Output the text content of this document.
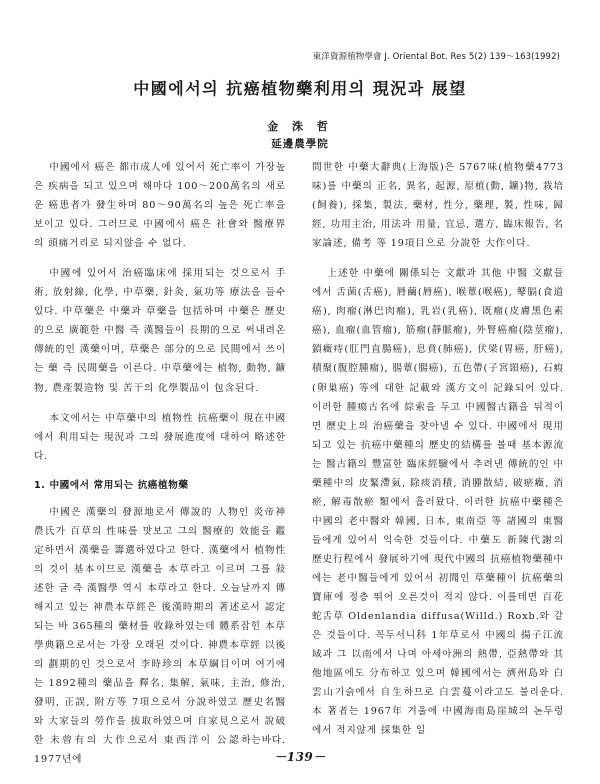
東洋資源植物學會 J. Oriental Bot. Res 5(2) 139～163(1992)
中國에서의 抗癌植物藥利用의 現況과 展望
金 洙 哲
延邊農學院

中國에서 癌은 都市成人에 있어서 死亡率이 가장높은 疾病을 되고 있으며 해마다 100～200萬名의 새로운 癌患者가 發生하며 80～90萬名의 높은 死亡率을 보이고 있다. 그러므로 中國에서 癌은 社會와 醫療界의 頭痛거리로 되지않을 수 없다.

中國에 있어서 治癌臨床에 採用되는 것으로서 手術, 放射線, 化學, 中草藥, 針灸, 氣功等 療法을 들수 있다. 中草藥은 中藥과 草藥을 包括하며 中藥은 歷史的으로 廣範한 中醫 즉 漢醫들이 長期的으로 써내려온 傳統的인 漢藥이며, 草藥은 部分的으로 民間에서 쓰이는 藥 즉 民間藥을 이른다. 中草藥에는 植物, 動物, 鑛物, 農產製造物 및 苦干의 化學製品이 包含된다.

本文에서는 中草藥中의 植物性 抗癌藥이 現在中國에서 利用되는 現況과 그의 發展進度에 대하여 略述한다.

1. 中國에서 常用되는 抗癌植物藥

中國은 漢藥의 發源地로서 傳說的 人物인 炎帝神農氏가 百草의 性味를 맛보고 그의 醫療的 效能을 鑑定하면서 漢藥을 籌選하였다고 한다. 漢藥에서 植物性의 것이 基本이므로 漢藥을 本草라고 이르며 그를 敍述한 글 즉 漢醫學 역시 本草라고 한다. 오늘날까지 傳해지고 있는 神農本草經은 後漢時期의 著述로서 認定되는 바 365種의 藥材를 收錄하였는데 體系잡힌 本草學典籍으로서는 가장 오래된 것이다. 神農本草經 以後의 劃期的인 것으로서 李時珍의 本草綱目이며 여기에는 1892種의 藥品을 釋名, 集解, 氣味, 主治, 修治, 發明, 正誤, 附方等 7項으로서 分說하였고 歷史名醫와 大家들의 勞作을 拔取하였으며 自家見으로서 說破한 未曾有의 大作으로서 東西洋이 公認하는바다. 1977년에

問世한 中藥大辭典(上海版)은 5767味(植物藥4773味)를 中藥의 正名, 異名, 起源, 原植(動, 鑛)物, 栽培(飼養), 採集, 製法, 藥材, 性分, 藥理, 製, 性味, 歸經, 功用主治, 用法과 用量, 宜忌, 選方, 臨床報告, 名家論述, 備考 等 19項目으로 分說한 大作이다.

上述한 中藥에 關係되는 文獻과 其他 中醫 文獻들에서 舌菌(舌癌), 脣繭(脣癌), 喉蕈(喉癌), 鼕膈(食道癌), 肉瘤(淋巴肉瘤), 乳岩(乳癌), 既瘤(皮膚黑色素癌), 血瘤(血管瘤), 筋瘤(靜脈瘤), 外腎癌瘤(陰莖瘤), 鎖癥痔(肛門直腸癌), 息賁(肺癌), 伏梁(胃癌, 肝癌), 積聚(腹腔腫瘤), 腸蕈(腸癌), 五色帶(子宮頸癌), 石瘕(卵巢癌) 等에 대한 記載와 漢方文이 記錄되어 있다. 이러한 腫瘍古名에 綜索을 두고 中國醫古籍을 뒤적이면 歷史上의 治癌藥을 찾아낼 수 있다. 中國에서 現用되고 있는 抗癌中藥種의 歷史的結構를 볼때 基本源流는 醫古籍의 豐富한 臨床經驗에서 추려낸 傳統的인 中藥種中의 皮緊滯氣, 除痰消積, 消腫散結, 破瘀癥, 消瘀, 解毒散瘀 類에서 흘러왔다. 이러한 抗癌中藥種은 中國의 老中醫와 韓國, 日本, 東南亞 等 諸國의 東醫들에게 있어서 익숙한 것들이다. 中藥도 新陳代謝의 歷史行程에서 發展하기에 現代中國의 抗癌植物藥種中에는 老中醫들에게 있어서 初聞인 草藥種이 抗癌藥의 寶庫에 정층 뛰어 오른것이 적지 않다. 이를테면 百花蛇舌草 Oldenlandia diffusa(Willd.) Roxb.와 같은 것들이다. 꼭두서니科 1年草로서 中國의 揚子江流域과 그 以南에서 나며 아세아洲의 熱帶, 亞熱帶와 其他地區에도 分布하고 있으며 韓國에서는 濟州島와 白雲山기슭에서 自生하므로 白雲蔓이라고도 불리운다. 本 著者는 1967年 겨울에 中國海南島崖城의 논두렁에서 적지않게 採集한 일

－139－
